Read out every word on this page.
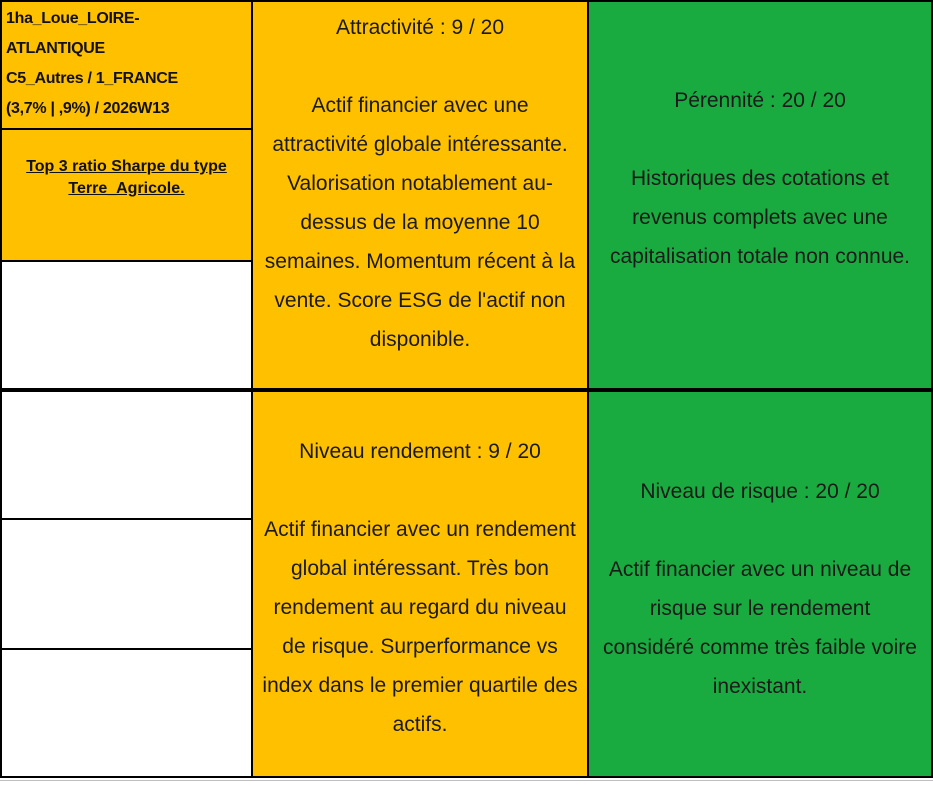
1ha_Loue_LOIRE-
ATLANTIQUE
C5_Autres / 1_FRANCE
(3,7% | ,9%) / 2026W13
Top 3 ratio Sharpe du type
Terre_Agricole.
Attractivité : 9 / 20
Actif financier avec une attractivité globale intéressante. Valorisation notablement au-dessus de la moyenne 10 semaines. Momentum récent à la vente. Score ESG de l'actif non disponible.
Pérennité : 20 / 20
Historiques des cotations et revenus complets avec une capitalisation totale non connue.
Niveau rendement : 9 / 20
Actif financier avec un rendement global intéressant. Très bon rendement au regard du niveau de risque. Surperformance vs index dans le premier quartile des actifs.
Niveau de risque : 20 / 20
Actif financier avec un niveau de risque sur le rendement considéré comme très faible voire inexistant.
